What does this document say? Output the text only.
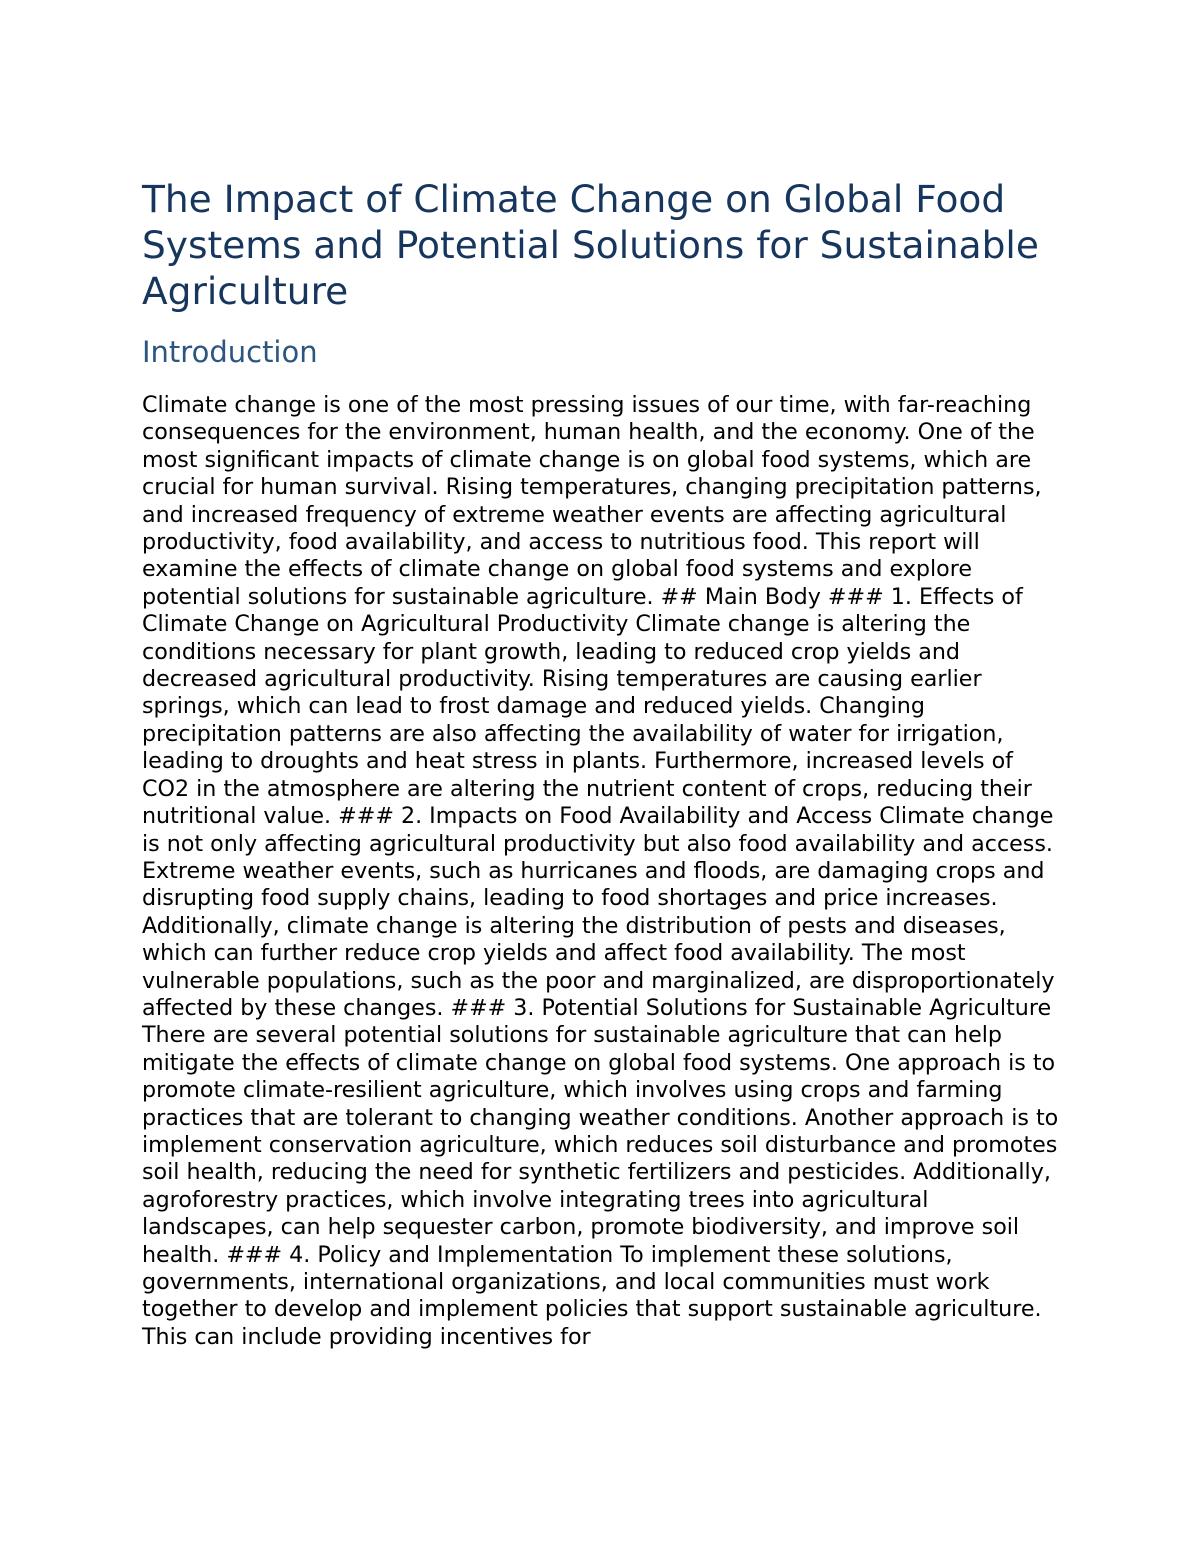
The Impact of Climate Change on Global Food Systems and Potential Solutions for Sustainable Agriculture
Introduction

Climate change is one of the most pressing issues of our time, with far-reaching consequences for the environment, human health, and the economy. One of the most significant impacts of climate change is on global food systems, which are crucial for human survival. Rising temperatures, changing precipitation patterns, and increased frequency of extreme weather events are affecting agricultural productivity, food availability, and access to nutritious food. This report will examine the effects of climate change on global food systems and explore potential solutions for sustainable agriculture. ## Main Body ### 1. Effects of Climate Change on Agricultural Productivity Climate change is altering the conditions necessary for plant growth, leading to reduced crop yields and decreased agricultural productivity. Rising temperatures are causing earlier springs, which can lead to frost damage and reduced yields. Changing precipitation patterns are also affecting the availability of water for irrigation, leading to droughts and heat stress in plants. Furthermore, increased levels of CO2 in the atmosphere are altering the nutrient content of crops, reducing their nutritional value. ### 2. Impacts on Food Availability and Access Climate change is not only affecting agricultural productivity but also food availability and access. Extreme weather events, such as hurricanes and floods, are damaging crops and disrupting food supply chains, leading to food shortages and price increases. Additionally, climate change is altering the distribution of pests and diseases, which can further reduce crop yields and affect food availability. The most vulnerable populations, such as the poor and marginalized, are disproportionately affected by these changes. ### 3. Potential Solutions for Sustainable Agriculture There are several potential solutions for sustainable agriculture that can help mitigate the effects of climate change on global food systems. One approach is to promote climate-resilient agriculture, which involves using crops and farming practices that are tolerant to changing weather conditions. Another approach is to implement conservation agriculture, which reduces soil disturbance and promotes soil health, reducing the need for synthetic fertilizers and pesticides. Additionally, agroforestry practices, which involve integrating trees into agricultural landscapes, can help sequester carbon, promote biodiversity, and improve soil health. ### 4. Policy and Implementation To implement these solutions, governments, international organizations, and local communities must work together to develop and implement policies that support sustainable agriculture. This can include providing incentives for
